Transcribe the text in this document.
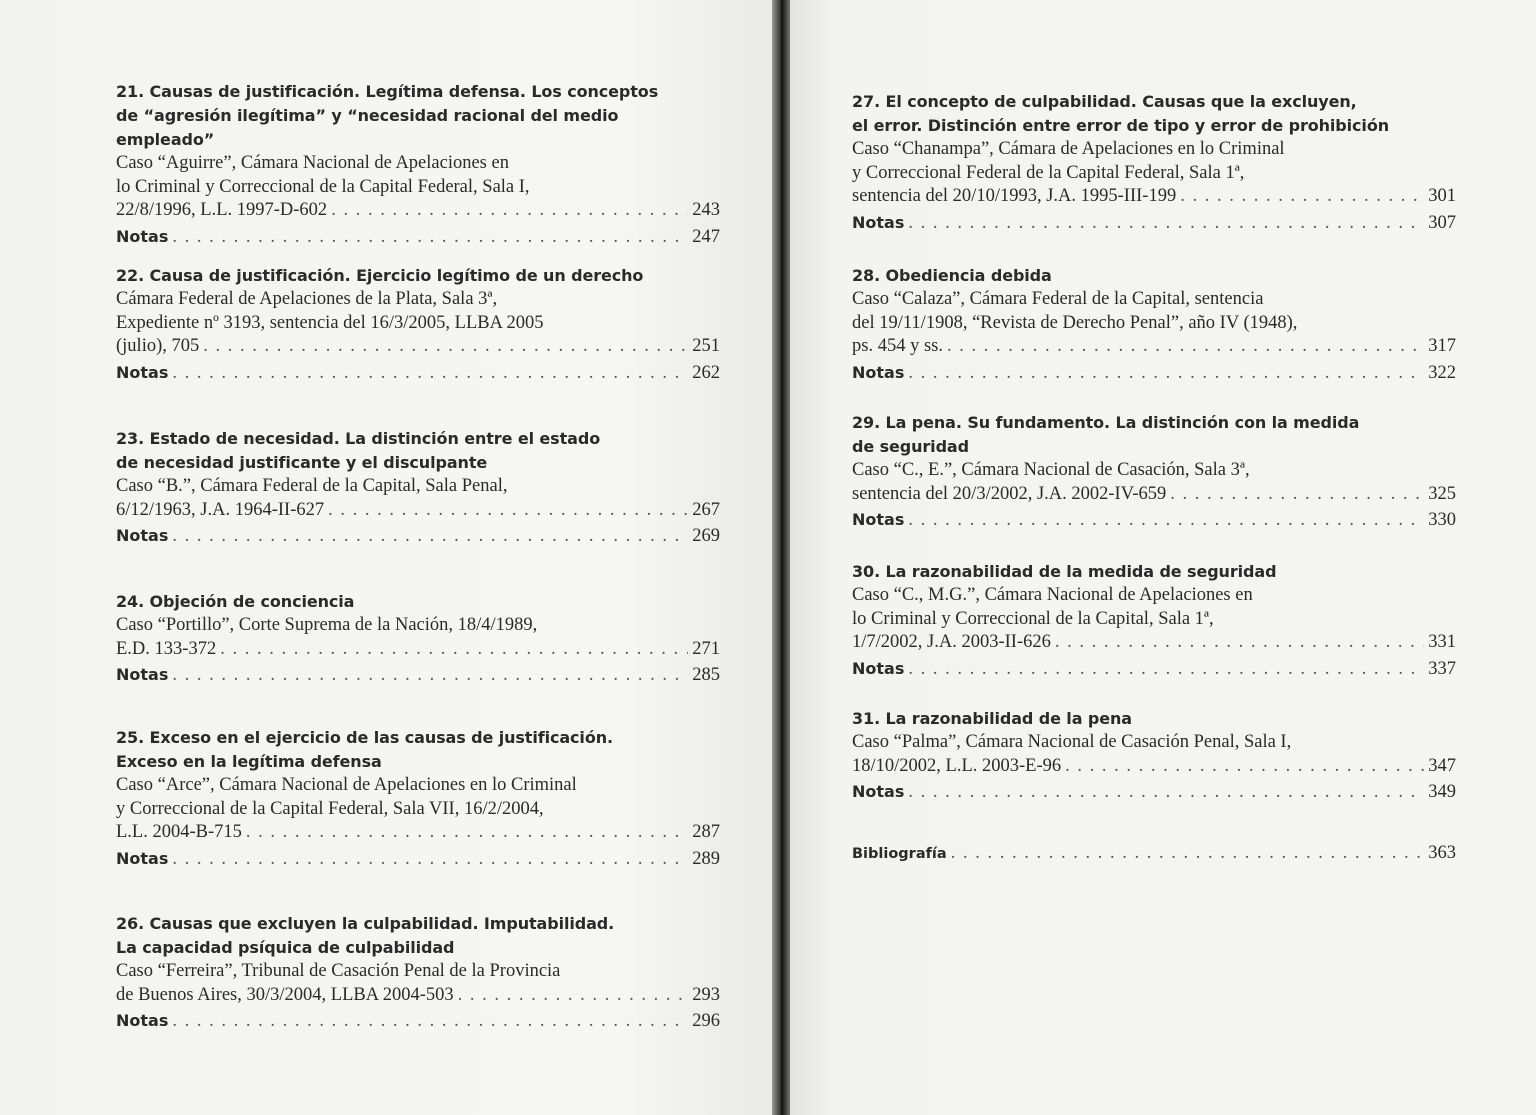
21. Causas de justificación. Legítima defensa. Los conceptos
de “agresión ilegítima” y “necesidad racional del medio empleado”
Caso “Aguirre”, Cámara Nacional de Apelaciones en
lo Criminal y Correccional de la Capital Federal, Sala I,
22/8/1996, L.L. 1997-D-602 . . .	243
Notas . . .	247
22. Causa de justificación. Ejercicio legítimo de un derecho
Cámara Federal de Apelaciones de la Plata, Sala 3ª,
Expediente nº 3193, sentencia del 16/3/2005, LLBA 2005
(julio), 705 . . .	251
Notas . . .	262
23. Estado de necesidad. La distinción entre el estado
de necesidad justificante y el disculpante
Caso “B.”, Cámara Federal de la Capital, Sala Penal,
6/12/1963, J.A. 1964-II-627 . . .	267
Notas . . .	269
24. Objeción de conciencia
Caso “Portillo”, Corte Suprema de la Nación, 18/4/1989,
E.D. 133-372 . . .	271
Notas . . .	285
25. Exceso en el ejercicio de las causas de justificación.
Exceso en la legítima defensa
Caso “Arce”, Cámara Nacional de Apelaciones en lo Criminal
y Correccional de la Capital Federal, Sala VII, 16/2/2004,
L.L. 2004-B-715 . . .	287
Notas . . .	289
26. Causas que excluyen la culpabilidad. Imputabilidad.
La capacidad psíquica de culpabilidad
Caso “Ferreira”, Tribunal de Casación Penal de la Provincia
de Buenos Aires, 30/3/2004, LLBA 2004-503 . . .	293
Notas . . .	296
27. El concepto de culpabilidad. Causas que la excluyen,
el error. Distinción entre error de tipo y error de prohibición
Caso “Chanampa”, Cámara de Apelaciones en lo Criminal
y Correccional Federal de la Capital Federal, Sala 1ª,
sentencia del 20/10/1993, J.A. 1995-III-199 . . .	301
Notas . . .	307
28. Obediencia debida
Caso “Calaza”, Cámara Federal de la Capital, sentencia
del 19/11/1908, “Revista de Derecho Penal”, año IV (1948),
ps. 454 y ss. . . .	317
Notas . . .	322
29. La pena. Su fundamento. La distinción con la medida
de seguridad
Caso “C., E.”, Cámara Nacional de Casación, Sala 3ª,
sentencia del 20/3/2002, J.A. 2002-IV-659 . . .	325
Notas . . .	330
30. La razonabilidad de la medida de seguridad
Caso “C., M.G.”, Cámara Nacional de Apelaciones en
lo Criminal y Correccional de la Capital, Sala 1ª,
1/7/2002, J.A. 2003-II-626 . . .	331
Notas . . .	337
31. La razonabilidad de la pena
Caso “Palma”, Cámara Nacional de Casación Penal, Sala I,
18/10/2002, L.L. 2003-E-96 . . .	347
Notas . . .	349
Bibliografía . . .	363
